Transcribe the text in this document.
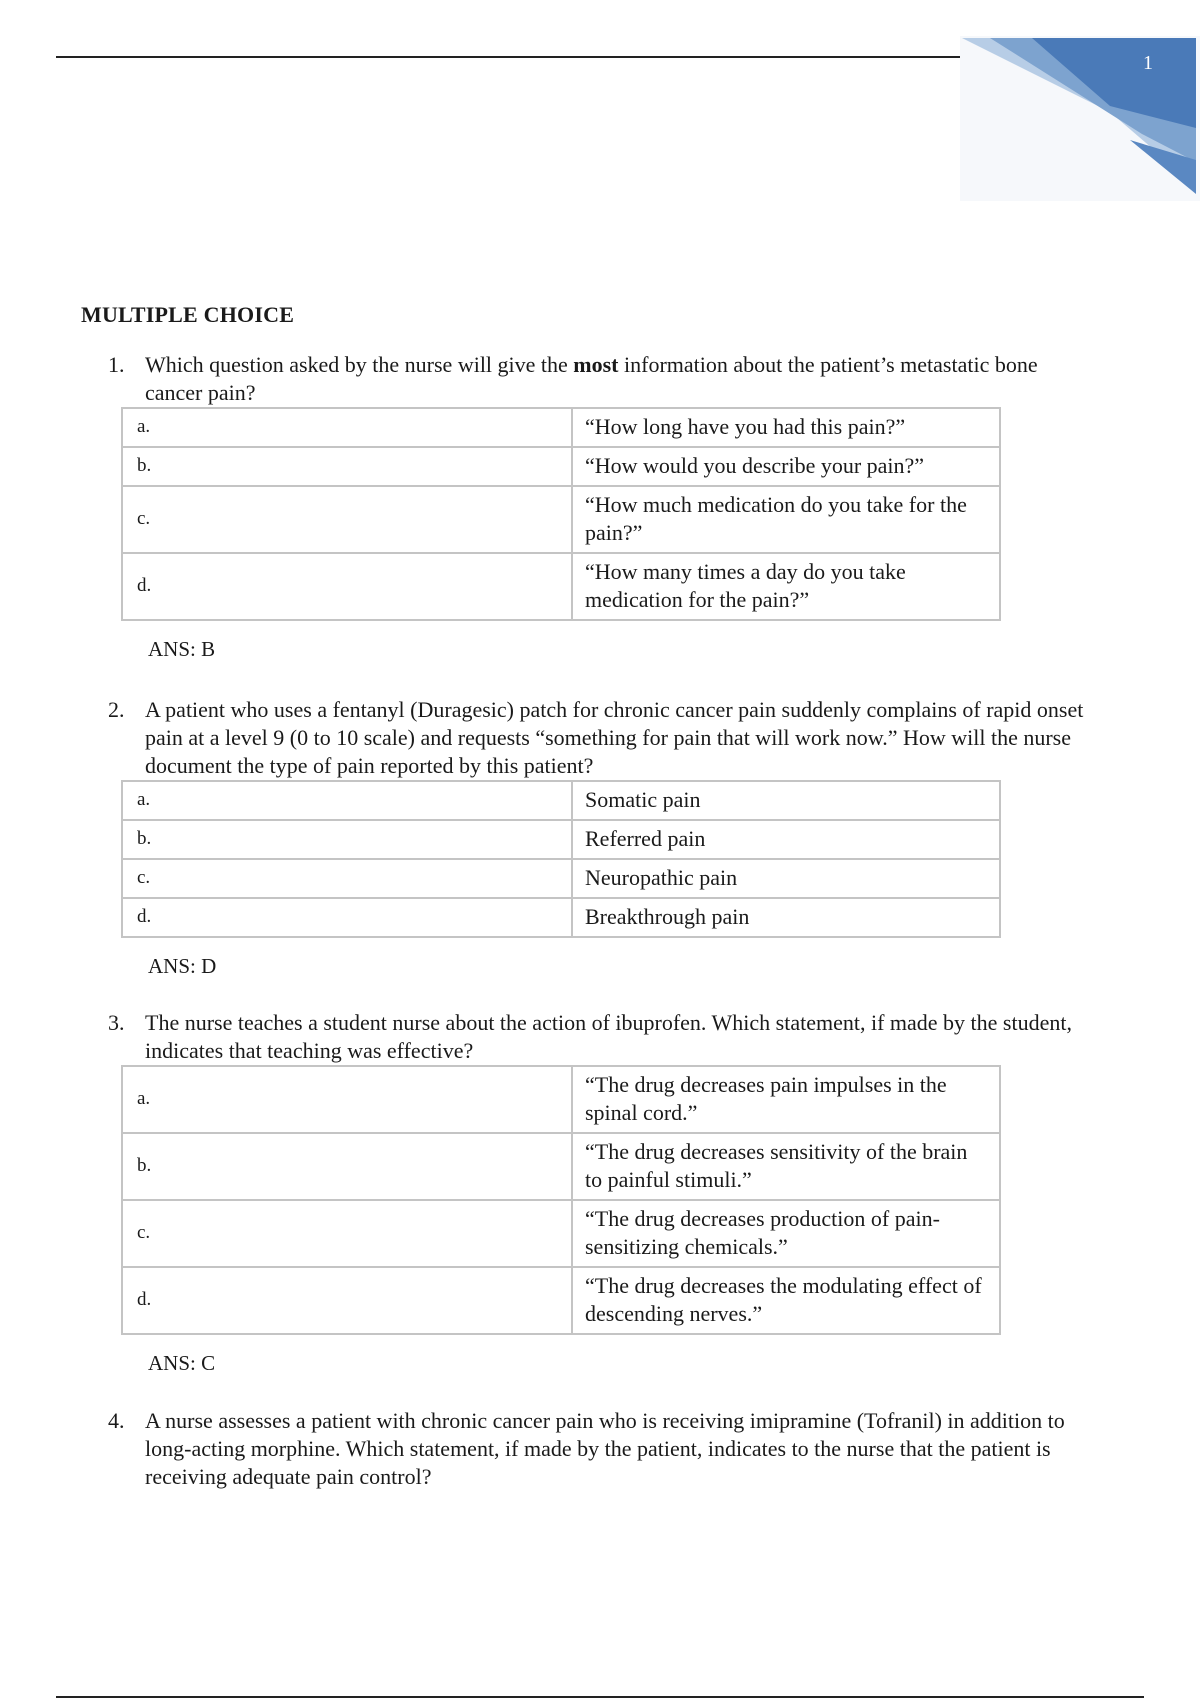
1
MULTIPLE CHOICE
1. Which question asked by the nurse will give the most information about the patient’s metastatic bone cancer pain?
a.	“How long have you had this pain?”
b.	“How would you describe your pain?”
c.	“How much medication do you take for the pain?”
d.	“How many times a day do you take medication for the pain?”
ANS: B
2. A patient who uses a fentanyl (Duragesic) patch for chronic cancer pain suddenly complains of rapid onset pain at a level 9 (0 to 10 scale) and requests “something for pain that will work now.” How will the nurse document the type of pain reported by this patient?
a.	Somatic pain
b.	Referred pain
c.	Neuropathic pain
d.	Breakthrough pain
ANS: D
3. The nurse teaches a student nurse about the action of ibuprofen. Which statement, if made by the student, indicates that teaching was effective?
a.	“The drug decreases pain impulses in the spinal cord.”
b.	“The drug decreases sensitivity of the brain to painful stimuli.”
c.	“The drug decreases production of pain-sensitizing chemicals.”
d.	“The drug decreases the modulating effect of descending nerves.”
ANS: C
4. A nurse assesses a patient with chronic cancer pain who is receiving imipramine (Tofranil) in addition to long-acting morphine. Which statement, if made by the patient, indicates to the nurse that the patient is receiving adequate pain control?
